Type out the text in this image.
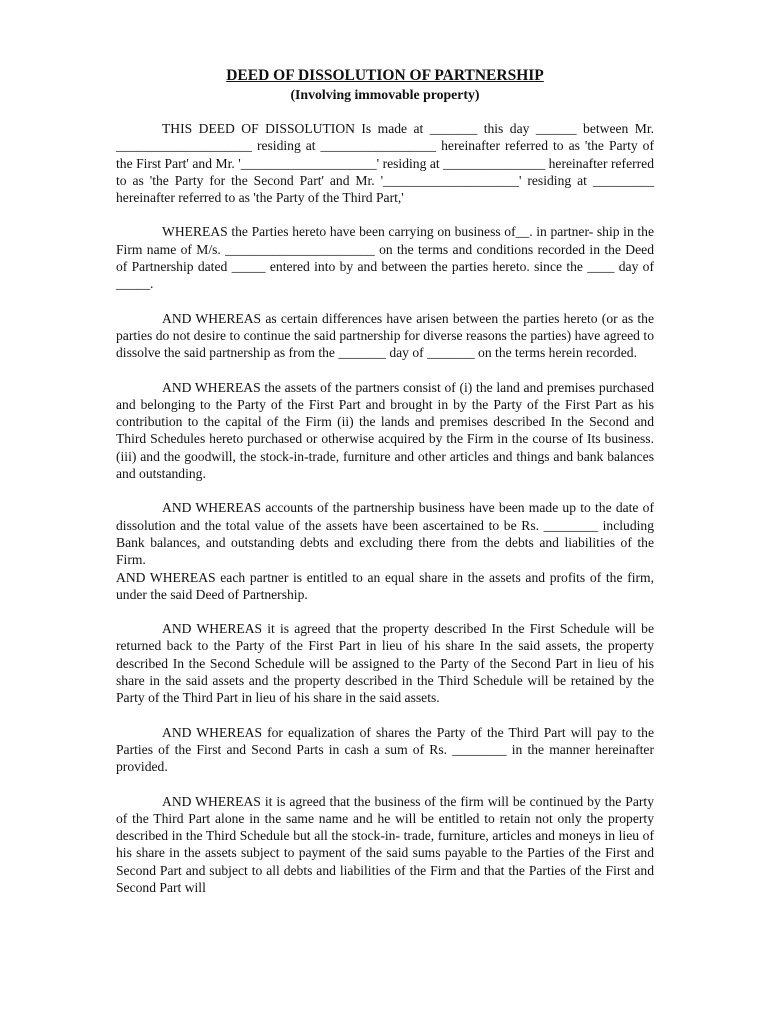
DEED OF DISSOLUTION OF PARTNERSHIP

(Involving immovable property)

THIS DEED OF DISSOLUTION Is made at _______ this day ______ between Mr. ____________________ residing at _________________ hereinafter referred to as 'the Party of the First Part' and Mr. '____________________' residing at _______________ hereinafter referred to as 'the Party for the Second Part' and Mr. '____________________' residing at _________ hereinafter referred to as 'the Party of the Third Part,'

WHEREAS the Parties hereto have been carrying on business of__. in partner- ship in the Firm name of M/s. ______________________ on the terms and conditions recorded in the Deed of Partnership dated _____ entered into by and between the parties hereto. since the ____ day of _____.

AND WHEREAS as certain differences have arisen between the parties hereto (or as the parties do not desire to continue the said partnership for diverse reasons the parties) have agreed to dissolve the said partnership as from the _______ day of _______ on the terms herein recorded.

AND WHEREAS the assets of the partners consist of (i) the land and premises purchased and belonging to the Party of the First Part and brought in by the Party of the First Part as his contribution to the capital of the Firm (ii) the lands and premises described In the Second and Third Schedules hereto purchased or otherwise acquired by the Firm in the course of Its business. (iii) and the goodwill, the stock-in-trade, furniture and other articles and things and bank balances and outstanding.

AND WHEREAS accounts of the partnership business have been made up to the date of dissolution and the total value of the assets have been ascertained to be Rs. ________ including Bank balances, and outstanding debts and excluding there from the debts and liabilities of the Firm.

AND WHEREAS each partner is entitled to an equal share in the assets and profits of the firm, under the said Deed of Partnership.

AND WHEREAS it is agreed that the property described In the First Schedule will be returned back to the Party of the First Part in lieu of his share In the said assets, the property described In the Second Schedule will be assigned to the Party of the Second Part in lieu of his share in the said assets and the property described in the Third Schedule will be retained by the Party of the Third Part in lieu of his share in the said assets.

AND WHEREAS for equalization of shares the Party of the Third Part will pay to the Parties of the First and Second Parts in cash a sum of Rs. ________ in the manner hereinafter provided.

AND WHEREAS it is agreed that the business of the firm will be continued by the Party of the Third Part alone in the same name and he will be entitled to retain not only the property described in the Third Schedule but all the stock-in- trade, furniture, articles and moneys in lieu of his share in the assets subject to payment of the said sums payable to the Parties of the First and Second Part and subject to all debts and liabilities of the Firm and that the Parties of the First and Second Part will
